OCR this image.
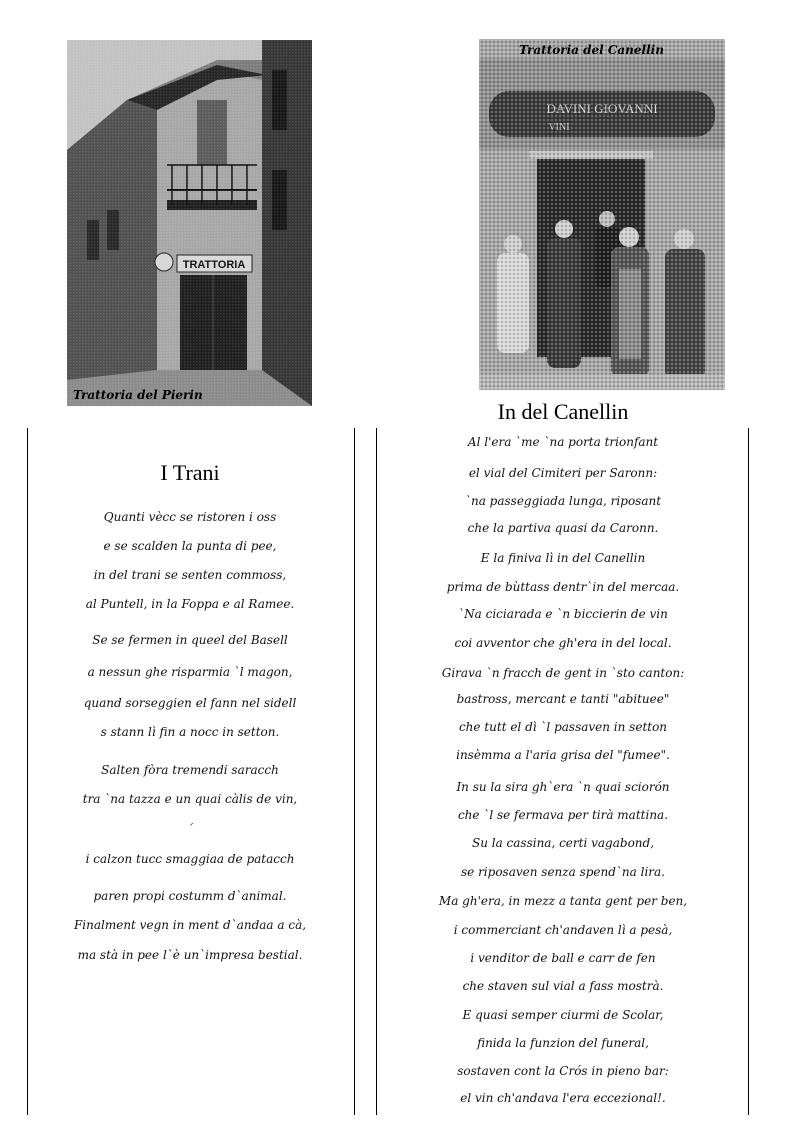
Trattoria del Pierin
Trattoria del Canellin
I Trani
Quanti vècc se ristoren i oss
e se scalden la punta di pee,
in del trani se senten commoss,
al Puntell, in la Foppa e al Ramee.
Se se fermen in queel del Basell
a nessun ghe risparmia `l magon,
quand sorseggien el fann nel sidell
s stann lì fin a nocc in setton.
Salten fòra tremendi saracch
tra `na tazza e un quai càlis de vin,
´
i calzon tucc smaggiaa de patacch
paren propi costumm d`animal.
Finalment vegn in ment d`andaa a cà,
ma stà in pee l`è un`impresa bestial.
In del Canellin
Al l'era `me `na porta trionfant
el vial del Cimiteri per Saronn:
`na passeggiada lunga, riposant
che la partiva quasi da Caronn.
E la finiva lì in del Canellin
prima de bùttass dentr`in del mercaa.
`Na ciciarada e `n biccierin de vin
coi avventor che gh'era in del local.
Girava `n fracch de gent in `sto canton:
bastross, mercant e tanti "abituee"
che tutt el dì `l passaven in setton
insèmma a l'aria grisa del "fumee".
In su la sira gh`era `n quai sciorón
che `l se fermava per tirà mattina.
Su la cassina, certi vagabond,
se riposaven senza spend`na lira.
Ma gh'era, in mezz a tanta gent per ben,
i commerciant ch'andaven lì a pesà,
i venditor de ball e carr de fen
che staven sul vial a fass mostrà.
E quasi semper ciurmi de Scolar,
finida la funzion del funeral,
sostaven cont la Crós in pieno bar:
el vin ch'andava l'era eccezional!.
